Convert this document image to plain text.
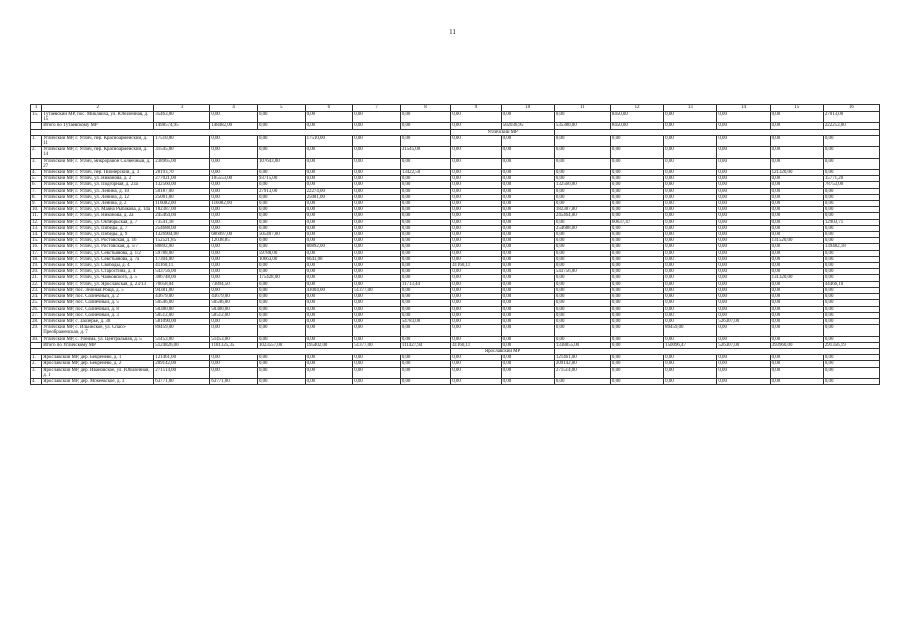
11
1	2	3	4	5	6	7	8	9	10	11	12	13	14	15	16
15.	Тутаевский МР, пос. Микляиха, ул. Юбилейная, д. 15	35463,00	0,00	0,00	0,00	0,00	0,00	0,00	0,00	0,00	8450,00	0,00	0,00	0,00	27013,00
	Итого по Тутаевскому МР	1498574,95	148482,00	0,00	0,00	0,00	0,00	0,00	502036,95	535380,00	8450,00	0,00	0,00	0,00	222253,00
								Угличский МР							
1.	Угличский МР, г. Углич, пер. Красноармейский, д. 11	17510,00	0,00	0,00	17510,00	0,00	0,00	0,00	0,00	0,00	0,00	0,00	0,00	0,00	0,00
2.	Угличский МР, г. Углич, пер. Красноармейский, д. 14	31545,00	0,00	0,00	0,00	0,00	31545,00	0,00	0,00	0,00	0,00	0,00	0,00	0,00	0,00
3.	Угличский МР, г. Углич, микрорайон Солнечный, д. 27	238965,00	0,00	107643,00	0,00	0,00	0,00	0,00	0,00	0,00	0,00	0,00	0,00	0,00	0,00
4.	Угличский МР, г. Углич, пер. Пионерский, д. 3	28193,70	0,00	0,00	0,00	0,00	13422,50	0,00	0,00	0,00	0,00	0,00	0,00	121320,00	0,00
5.	Угличский МР, г. Углич, ул. Никонова, д. 2	277021,00	105553,00	93715,00	0,00	0,00	0,00	0,00	0,00	0,00	0,00	0,00	0,00	0,00	15771,20
6.	Угличский МР, г. Углич, ул. Подгорная, д. 23а	132560,00	0,00	0,00	0,00	0,00	0,00	0,00	0,00	132560,00	0,00	0,00	0,00	0,00	78753,00
7.	Угличский МР, г. Углич, ул. Ленина, д. 10	50187,00	0,00	27913,00	22274,00	0,00	0,00	0,00	0,00	0,00	0,00	0,00	0,00	0,00	0,00
8.	Угличский МР, г. Углич, ул. Ленина, д. 12	25081,00	0,00	0,00	25081,00	0,00	0,00	0,00	0,00	0,00	0,00	0,00	0,00	0,00	0,00
9.	Угличский МР, г. Углич, ул. Ленина, д. 2	116082,00	116082,00	0,00	0,00	0,00	0,00	0,00	0,00	0,00	0,00	0,00	0,00	0,00	0,00
10.	Угличский МР, г. Углич, ул. Маяна Рыбакова, д. 14а	182387,00	0,00	0,00	0,00	0,00	0,00	0,00	0,00	182387,00	0,00	0,00	0,00	0,00	0,00
11.	Угличский МР, г. Углич, ул. Никонова, д. 2а	245464,00	0,00	0,00	0,00	0,00	0,00	0,00	0,00	245464,00	0,00	0,00	0,00	0,00	0,00
12.	Угличский МР, г. Углич, ул. Октябрьская, д. 7	73541,18	0,00	0,00	0,00	0,00	0,00	0,00	0,00	0,00	60637,47	0,00	0,00	0,00	12903,71
13.	Угличский МР, г. Углич, ул. Победы, д. 7	254688,00	0,00	0,00	0,00	0,00	0,00	0,00	0,00	254688,00	0,00	0,00	0,00	0,00	0,00
14.	Угличский МР, г. Углич, ул. Победы, д. 9	1326904,00	686097,00	505407,00	0,00	0,00	0,00	0,00	0,00	0,00	0,00	0,00	0,00	0,00	0,00
15.	Угличский МР, г. Углич, ул. Ростовская, д. 16	152521,85	12038,85	0,00	0,00	0,00	0,00	0,00	0,00	0,00	0,00	0,00	0,00	131520,00	0,00
16.	Угличский МР, г. Углич, ул. Ростовская, д. 5/7	80892,00	0,00	0,00	80892,00	0,00	0,00	0,00	0,00	0,00	0,00	0,00	0,00	0,00	139482,18
17.	Угличский МР, г. Углич, ул. Севстьянова, д. 1/2	59788,00	0,00	59788,00	0,00	0,00	0,00	0,00	0,00	0,00	0,00	0,00	0,00	0,00	0,00
18.	Угличский МР, г. Углич, ул. Севстьянова, д. 7а	17304,00	0,00	10663,00	6641,00	0,00	0,00	0,00	0,00	0,00	0,00	0,00	0,00	0,00	0,00
19.	Угличский МР, г. Углич, ул. Свободы, д. 4	41160,11	0,00	0,00	0,00	0,00	0,00	41160,11	0,00	0,00	0,00	0,00	0,00	0,00	0,00
20.	Угличский МР, г. Углич, ул. Старостина, д. 4	543756,00	0,00	0,00	0,00	0,00	0,00	0,00	0,00	543756,00	0,00	0,00	0,00	0,00	0,00
21.	Угличский МР, г. Углич, ул. Чайковского, д. 5	306748,00	0,00	175428,00	0,00	0,00	0,00	0,00	0,00	0,00	0,00	0,00	0,00	131320,00	0,00
22.	Угличский МР, г. Углич, ул. Ярославская, д. 23/13	70058,04	73894,50	0,00	0,00	0,00	11713,44	0,00	0,00	0,00	0,00	0,00	0,00	0,00	44466,10
23.	Угличский МР, пос. Зелёная Роща, д. 5	94381,00	0,00	0,00	43004,00	51377,00	0,00	0,00	0,00	0,00	0,00	0,00	0,00	0,00	0,00
24.	Угличский МР, пос. Солнечный, д. 2	43679,00	43679,00	0,00	0,00	0,00	0,00	0,00	0,00	0,00	0,00	0,00	0,00	0,00	0,00
25.	Угличский МР, пос. Солнечный, д. 5	50546,00	50546,00	0,00	0,00	0,00	0,00	0,00	0,00	0,00	0,00	0,00	0,00	0,00	0,00
26.	Угличский МР, пос. Солнечный, д. 8	50380,00	50380,00	0,00	0,00	0,00	0,00	0,00	0,00	0,00	0,00	0,00	0,00	0,00	0,00
27.	Угличский МР, пос. Солнечный, д. 3	50512,00	50512,00	0,00	0,00	0,00	0,00	0,00	0,00	0,00	0,00	0,00	0,00	0,00	0,00
28.	Угличский МР, с. Заозерье, д. 38	581090,00	0,00	0,00	0,00	0,00	54783,00	0,00	0,00	0,00	0,00	0,00	526307,00	0,00	0,00
29.	Угличский МР, с. Ильинское, ул. Спасо-Преображенская, д. 7	89459,00	0,00	0,00	0,00	0,00	0,00	0,00	0,00	0,00	0,00	89459,00	0,00	0,00	0,00
30.	Угличский МР, с. Улейма, ул. Центральная, д. 5	51453,00	51453,00	0,00	0,00	0,00	0,00	0,00	0,00	0,00	0,00	0,00	0,00	0,00	0,00
	Итого по Угличскому МР	5124826,00	1181325,35	1023557,00	195402,00	51377,00	111427,94	41160,11	0,00	1338855,00	0,00	150096,47	526307,00	393960,00	291356,19
								Ярославский МР							
1.	Ярославский МР, дер. Бекренево, д. 1	121461,00	0,00	0,00	0,00	0,00	0,00	0,00	0,00	121461,00	0,00	0,00	0,00	0,00	0,00
2.	Ярославский МР, дер. Бекренево, д. 2	209142,00	0,00	0,00	0,00	0,00	0,00	0,00	0,00	209142,00	0,00	0,00	0,00	0,00	0,00
3.	Ярославский МР, дер. Ивановское, ул. Юбилейная, д. 1	271514,00	0,00	0,00	0,00	0,00	0,00	0,00	0,00	271514,00	0,00	0,00	0,00	0,00	0,00
4.	Ярославский МР, дер. Мокеевское, д. 3	63771,00	63771,00	0,00	0,00	0,00	0,00	0,00	0,00	0,00	0,00	0,00	0,00	0,00	0,00
